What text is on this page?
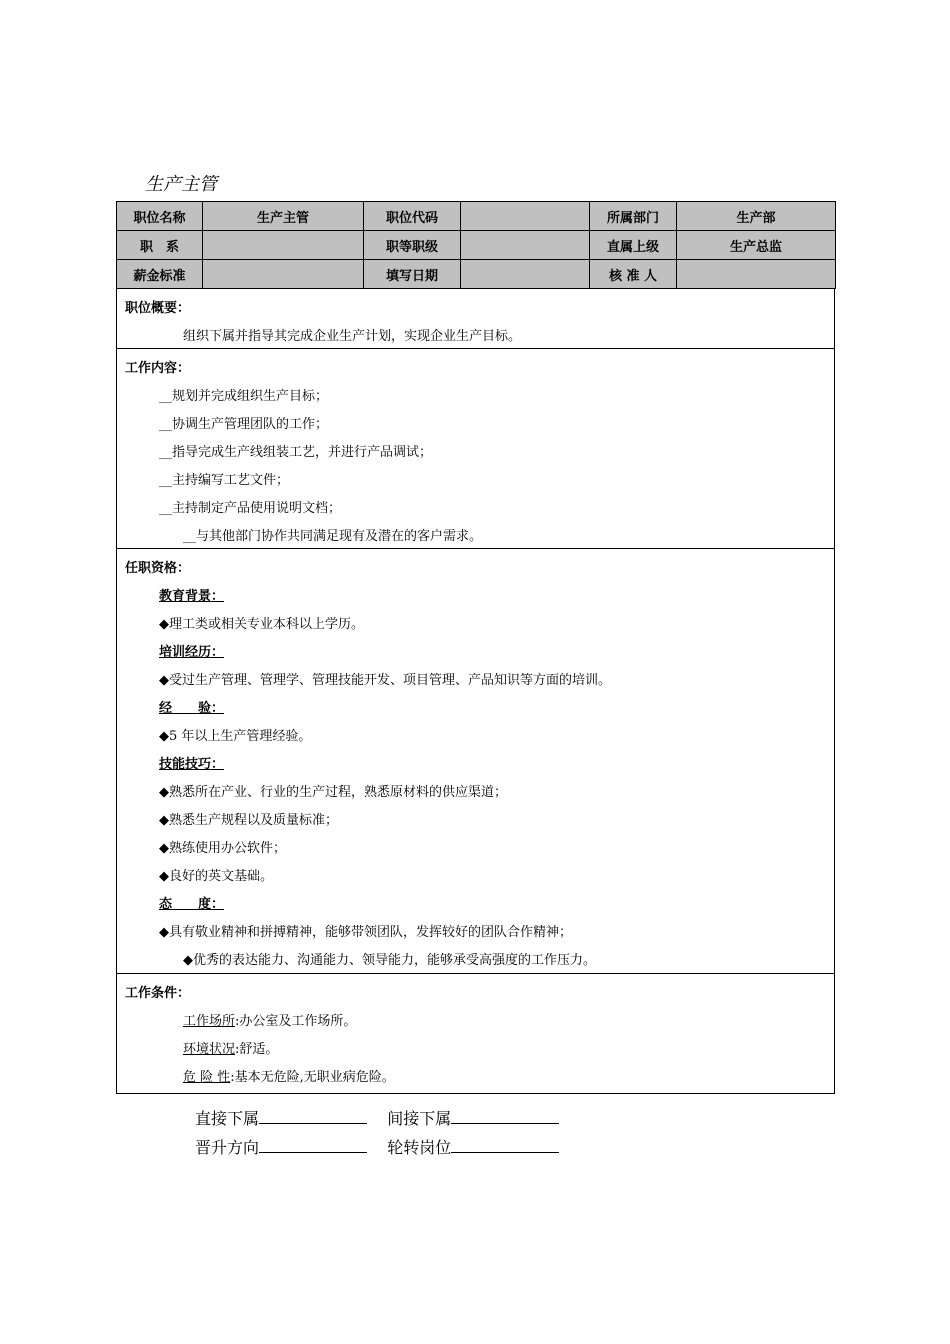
生产主管
职位名称	生产主管	职位代码		所属部门	生产部
职　系		职等职级		直属上级	生产总监
薪金标准		填写日期		核 准 人	
职位概要：
组织下属并指导其完成企业生产计划，实现企业生产目标。
工作内容：
__规划并完成组织生产目标；
__协调生产管理团队的工作；
__指导完成生产线组装工艺，并进行产品调试；
__主持编写工艺文件；
__主持制定产品使用说明文档；
__与其他部门协作共同满足现有及潜在的客户需求。
任职资格：
教育背景：
◆理工类或相关专业本科以上学历。
培训经历：
◆受过生产管理、管理学、管理技能开发、项目管理、产品知识等方面的培训。
经　　验：
◆5 年以上生产管理经验。
技能技巧：
◆熟悉所在产业、行业的生产过程，熟悉原材料的供应渠道；
◆熟悉生产规程以及质量标准；
◆熟练使用办公软件；
◆良好的英文基础。
态　　度：
◆具有敬业精神和拼搏精神，能够带领团队，发挥较好的团队合作精神；
◆优秀的表达能力、沟通能力、领导能力，能够承受高强度的工作压力。
工作条件：
工作场所:办公室及工作场所。
环境状况:舒适。
危 险 性:基本无危险,无职业病危险。
直接下属	间接下属
晋升方向	轮转岗位
